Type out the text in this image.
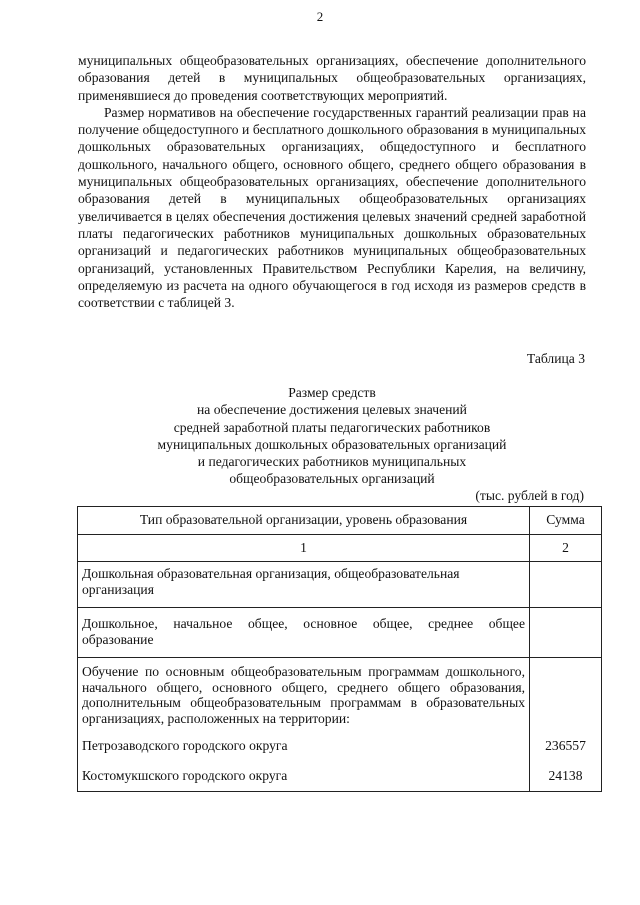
2

муниципальных общеобразовательных организациях, обеспечение дополнительного образования детей в муниципальных общеобразовательных организациях, применявшиеся до проведения соответствующих мероприятий.

Размер нормативов на обеспечение государственных гарантий реализации прав на получение общедоступного и бесплатного дошкольного образования в муниципальных дошкольных образовательных организациях, общедоступного и бесплатного дошкольного, начального общего, основного общего, среднего общего образования в муниципальных общеобразовательных организациях, обеспечение дополнительного образования детей в муниципальных общеобразовательных организациях увеличивается в целях обеспечения достижения целевых значений средней заработной платы педагогических работников муниципальных дошкольных образовательных организаций и педагогических работников муниципальных общеобразовательных организаций, установленных Правительством Республики Карелия, на величину, определяемую из расчета на одного обучающегося в год исходя из размеров средств в соответствии с таблицей 3.

Таблица 3
Размер средств
на обеспечение достижения целевых значений
средней заработной платы педагогических работников
муниципальных дошкольных образовательных организаций
и педагогических работников муниципальных
общеобразовательных организаций
(тыс. рублей в год)
Тип образовательной организации, уровень образования	Сумма
1	2
Дошкольная образовательная организация, общеобразовательная организация	
Дошкольное, начальное общее, основное общее, среднее общее образование	
Обучение по основным общеобразовательным программам дошкольного, начального общего, основного общего, среднего общего образования, дополнительным общеобразовательным программам в образовательных организациях, расположенных на территории:	
Петрозаводского городского округа	236557
Костомукшского городского округа	24138
